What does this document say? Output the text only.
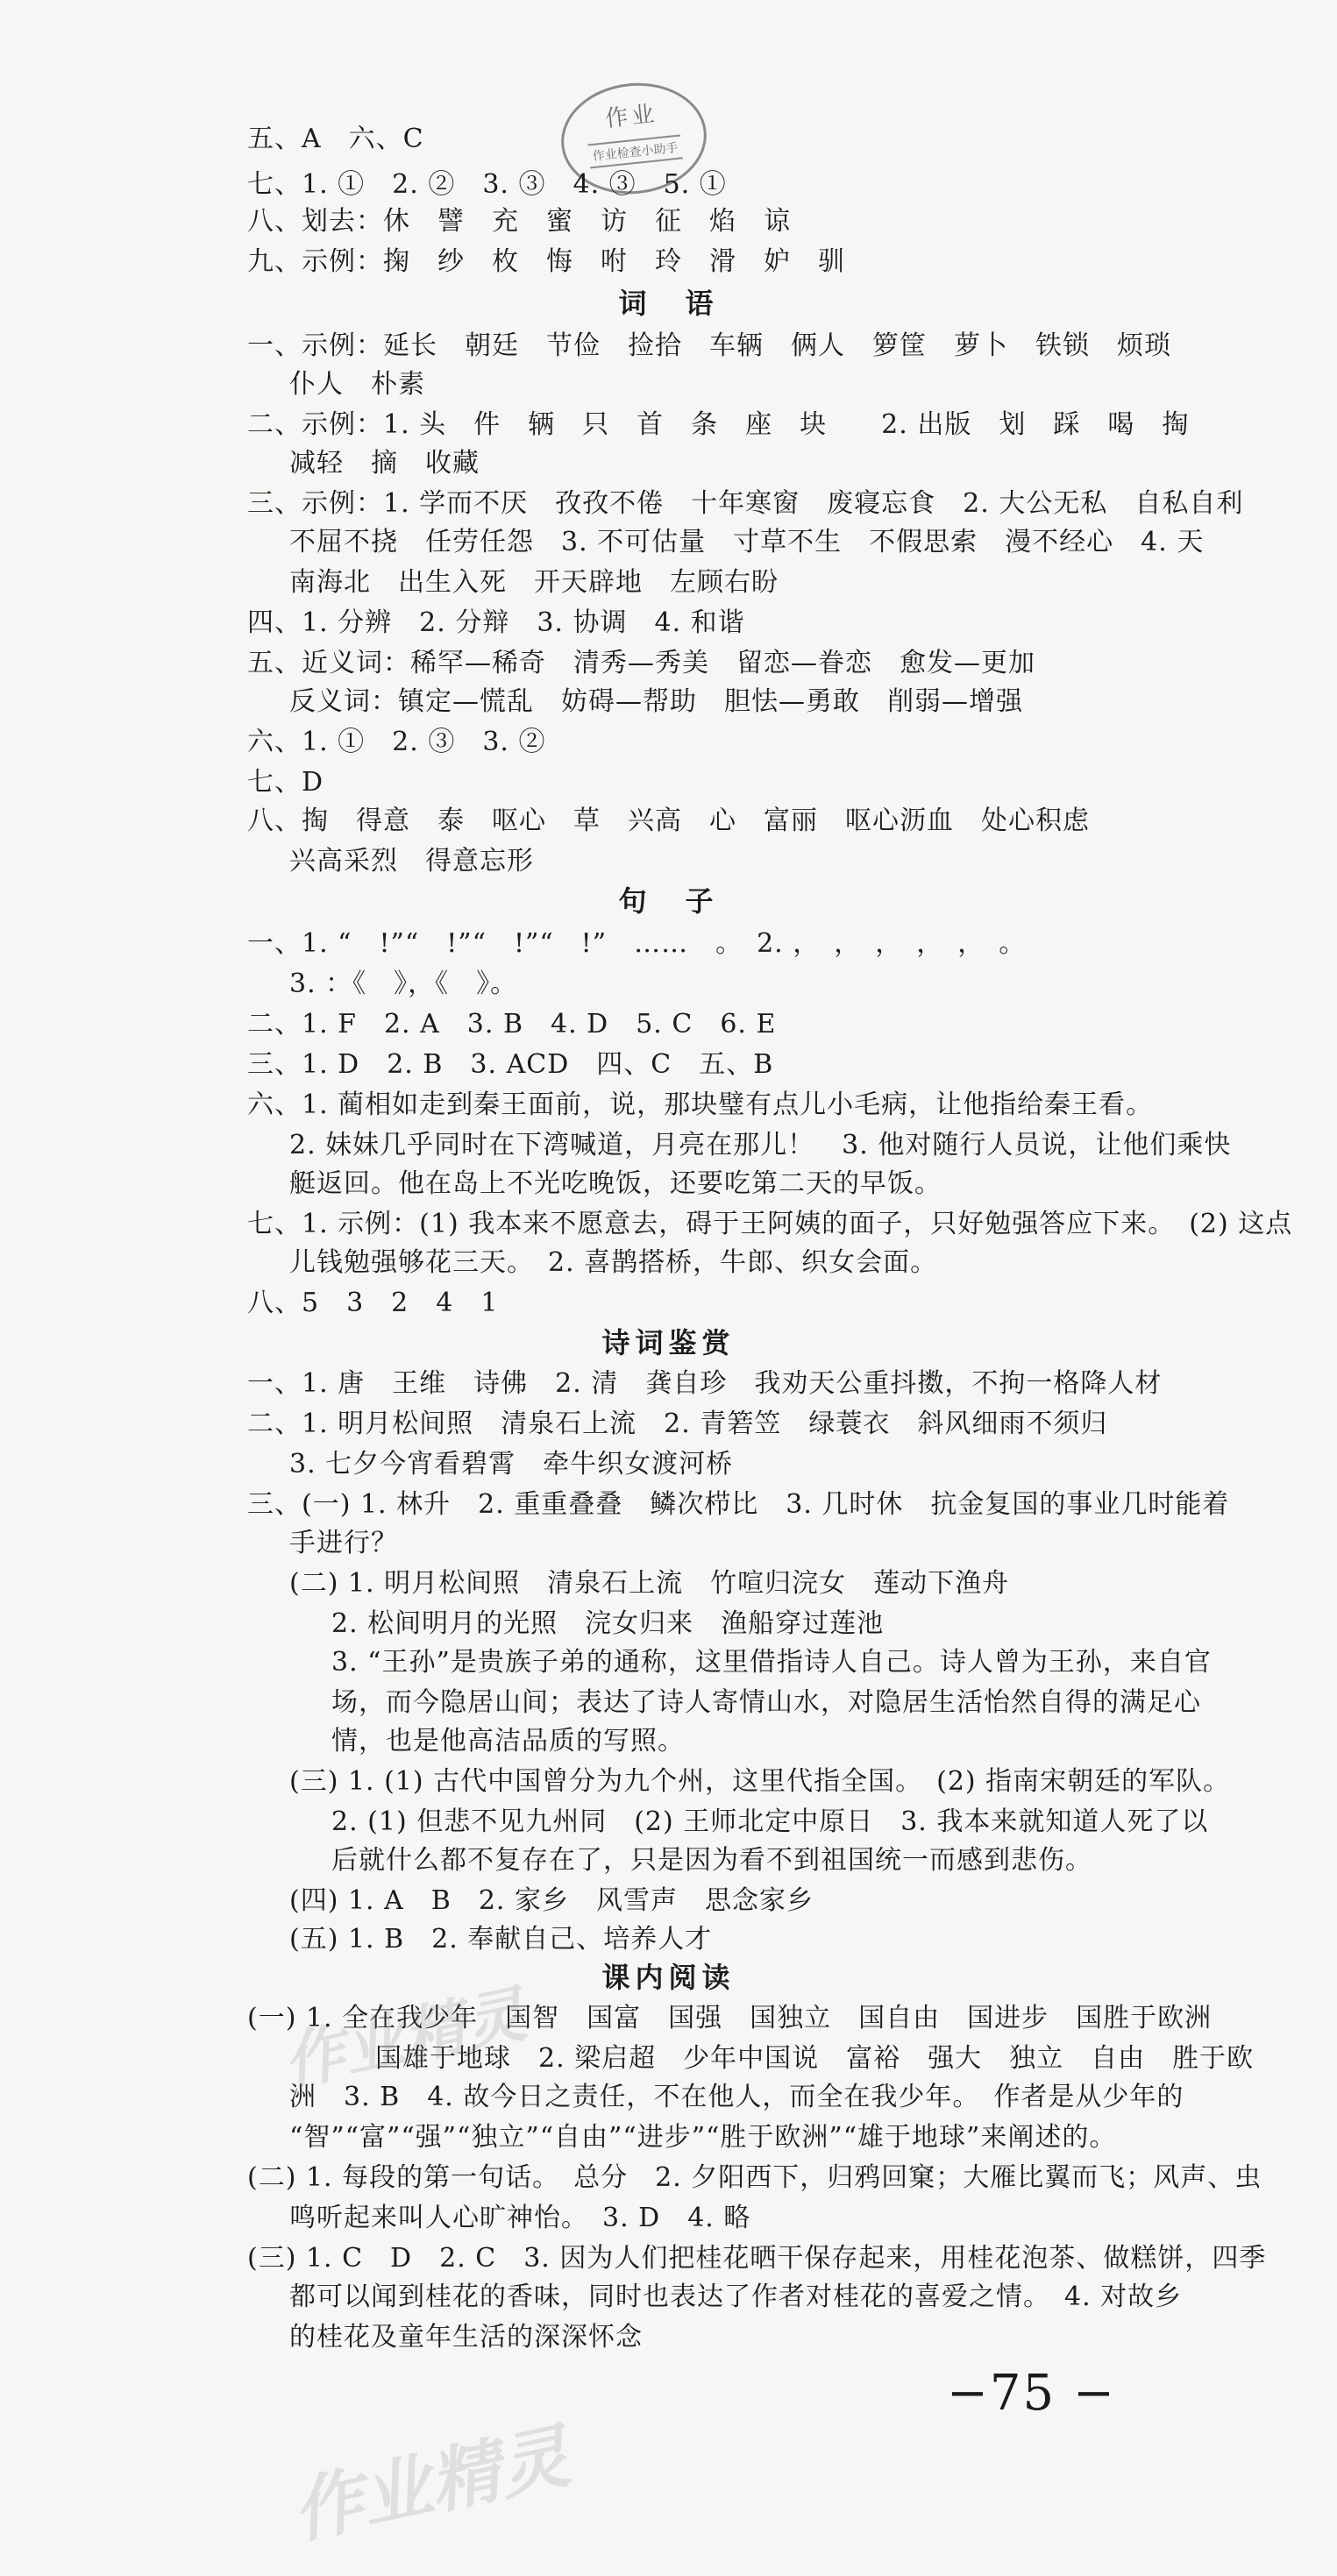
作业
作业检查小助手
五、A　六、C
七、1. ①　2. ②　3. ③　4. ③　5. ①
八、划去：休　譬　充　蜜　访　征　焰　谅
九、示例：掬　纱　枚　悔　咐　玲　滑　妒　驯
词　语
一、示例：延长　朝廷　节俭　捡拾　车辆　俩人　箩筐　萝卜　铁锁　烦琐
仆人　朴素
二、示例：1. 头　件　辆　只　首　条　座　块　　2. 出版　划　踩　喝　掏
减轻　摘　收藏
三、示例：1. 学而不厌　孜孜不倦　十年寒窗　废寝忘食　2. 大公无私　自私自利
不屈不挠　任劳任怨　3. 不可估量　寸草不生　不假思索　漫不经心　4. 天
南海北　出生入死　开天辟地　左顾右盼
四、1. 分辨　2. 分辩　3. 协调　4. 和谐
五、近义词：稀罕—稀奇　清秀—秀美　留恋—眷恋　愈发—更加
反义词：镇定—慌乱　妨碍—帮助　胆怯—勇敢　削弱—增强
六、1. ①　2. ③　3. ②
七、D
八、掏　得意　泰　呕心　草　兴高　心　富丽　呕心沥血　处心积虑
兴高采烈　得意忘形
句　子
一、1. “　!”“　!”“　!”“　!”　……　。　2. ，　，　，　，　，　。
3. ：《　》，《　》。
二、1. F　2. A　3. B　4. D　5. C　6. E
三、1. D　2. B　3. ACD　四、C　五、B
六、1. 蔺相如走到秦王面前，说，那块璧有点儿小毛病，让他指给秦王看。
2. 妹妹几乎同时在下湾喊道，月亮在那儿！　3. 他对随行人员说，让他们乘快
艇返回。他在岛上不光吃晚饭，还要吃第二天的早饭。
七、1. 示例：(1) 我本来不愿意去，碍于王阿姨的面子，只好勉强答应下来。　(2) 这点
儿钱勉强够花三天。　2. 喜鹊搭桥，牛郎、织女会面。
八、5　3　2　4　1
诗词鉴赏
一、1. 唐　王维　诗佛　2. 清　龚自珍　我劝天公重抖擞，不拘一格降人材
二、1. 明月松间照　清泉石上流　2. 青箬笠　绿蓑衣　斜风细雨不须归
3. 七夕今宵看碧霄　牵牛织女渡河桥
三、(一) 1. 林升　2. 重重叠叠　鳞次栉比　3. 几时休　抗金复国的事业几时能着
手进行？
(二) 1. 明月松间照　清泉石上流　竹喧归浣女　莲动下渔舟
2. 松间明月的光照　浣女归来　渔船穿过莲池
3. “王孙”是贵族子弟的通称，这里借指诗人自己。诗人曾为王孙，来自官
场，而今隐居山间；表达了诗人寄情山水，对隐居生活怡然自得的满足心
情，也是他高洁品质的写照。
(三) 1. (1) 古代中国曾分为九个州，这里代指全国。　(2) 指南宋朝廷的军队。
2. (1) 但悲不见九州同　(2) 王师北定中原日　3. 我本来就知道人死了以
后就什么都不复存在了，只是因为看不到祖国统一而感到悲伤。
(四) 1. A　B　2. 家乡　风雪声　思念家乡
(五) 1. B　2. 奉献自己、培养人才
课内阅读
(一) 1. 全在我少年　国智　国富　国强　国独立　国自由　国进步　国胜于欧洲
国雄于地球　2. 梁启超　少年中国说　富裕　强大　独立　自由　胜于欧
洲　3. B　4. 故今日之责任，不在他人，而全在我少年。　作者是从少年的
“智”“富”“强”“独立”“自由”“进步”“胜于欧洲”“雄于地球”来阐述的。
(二) 1. 每段的第一句话。　总分　2. 夕阳西下，归鸦回窠；大雁比翼而飞；风声、虫
鸣听起来叫人心旷神怡。　3. D　4. 略
(三) 1. C　D　2. C　3. 因为人们把桂花晒干保存起来，用桂花泡茶、做糕饼，四季
都可以闻到桂花的香味，同时也表达了作者对桂花的喜爱之情。　4. 对故乡
的桂花及童年生活的深深怀念
−75 −
作业精灵
作业精灵
